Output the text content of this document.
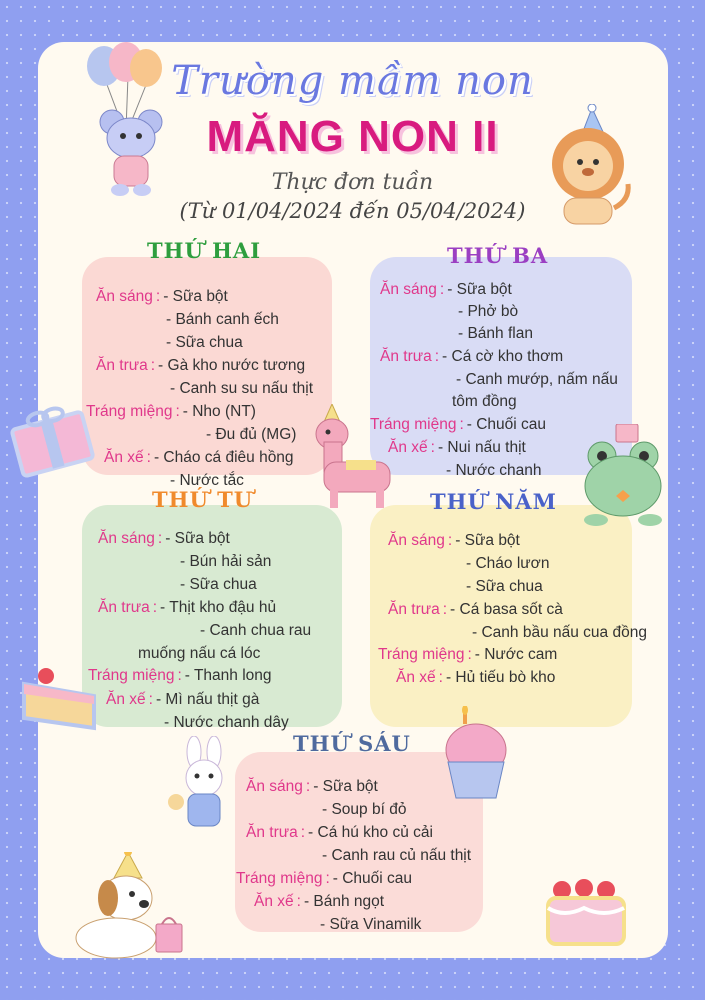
Trường mầm non
MĂNG NON II
Thực đơn tuần
(Từ 01/04/2024 đến 05/04/2024)
THỨ HAI	THỨ BA
THỨ TƯ	THỨ NĂM
THỨ SÁU
Ăn sáng : - Sữa bột
- Bánh canh ếch
- Sữa chua
Ăn trưa : - Gà kho nước tương
- Canh su su nấu thịt
Tráng miệng : - Nho (NT)
- Đu đủ (MG)
Ăn xế : - Cháo cá điêu hồng
- Nước tắc
Ăn sáng : - Sữa bột
- Phở bò
- Bánh flan
Ăn trưa : - Cá cờ kho thơm
- Canh mướp, nấm nấu
tôm đồng
Tráng miệng : - Chuối cau
Ăn xế : - Nui nấu thịt
- Nước chanh
Ăn sáng : - Sữa bột
- Bún hải sản
- Sữa chua
Ăn trưa : - Thịt kho đậu hủ
- Canh chua rau
muống nấu cá lóc
Tráng miệng : - Thanh long
Ăn xế : - Mì nấu thịt gà
- Nước chanh dây
Ăn sáng : - Sữa bột
- Cháo lươn
- Sữa chua
Ăn trưa : - Cá basa sốt cà
- Canh bầu nấu cua đồng
Tráng miệng : - Nước cam
Ăn xế : - Hủ tiếu bò kho
Ăn sáng : - Sữa bột
- Soup bí đỏ
Ăn trưa : - Cá hú kho củ cải
- Canh rau củ nấu thịt
Tráng miệng : - Chuối cau
Ăn xế : - Bánh ngọt
- Sữa Vinamilk
